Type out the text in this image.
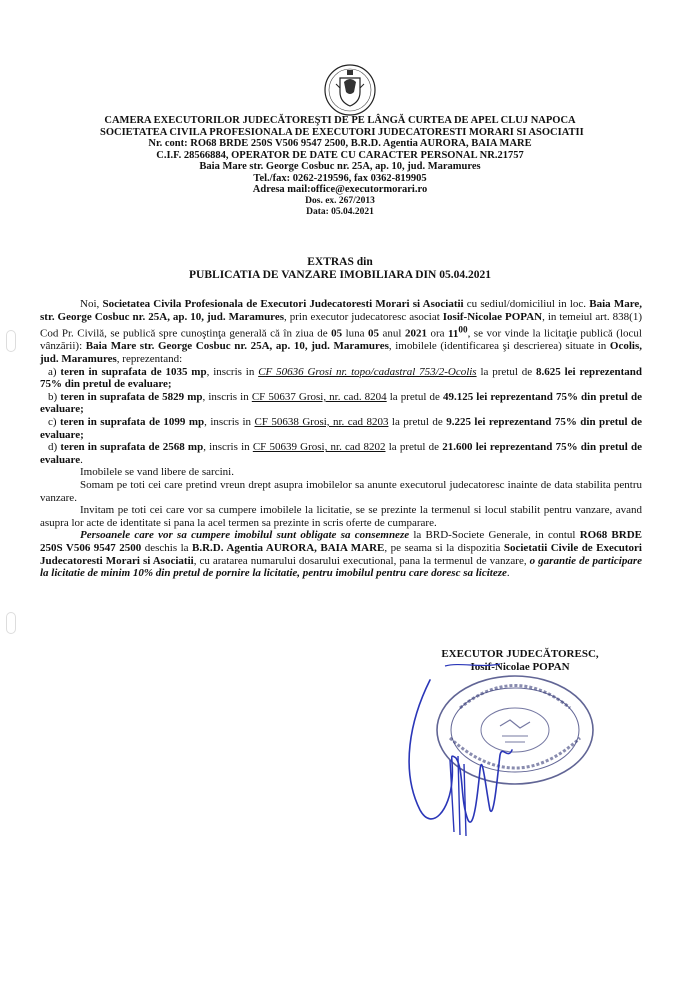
CAMERA EXECUTORILOR JUDECĂTOREŞTI DE PE LÂNGĂ CURTEA DE APEL CLUJ NAPOCA
SOCIETATEA CIVILA PROFESIONALA DE EXECUTORI JUDECATORESTI MORARI SI ASOCIATII
Nr. cont: RO68 BRDE 250S V506 9547 2500, B.R.D. Agentia AURORA, BAIA MARE
C.I.F. 28566884, OPERATOR DE DATE CU CARACTER PERSONAL NR.21757
Baia Mare str. George Cosbuc nr. 25A, ap. 10, jud. Maramures
Tel./fax: 0262-219596, fax 0362-819905
Adresa mail:office@executormorari.ro
Dos. ex. 267/2013
Data: 05.04.2021
EXTRAS din
PUBLICATIA DE VANZARE IMOBILIARA DIN 05.04.2021

Noi, Societatea Civila Profesionala de Executori Judecatoresti Morari si Asociatii cu sediul/domiciliul in loc. Baia Mare, str. George Cosbuc nr. 25A, ap. 10, jud. Maramures, prin executor judecatoresc asociat Iosif-Nicolae POPAN, in temeiul art. 838(1) Cod Pr. Civilă, se publică spre cunoştinţa generală că în ziua de 05 luna 05 anul 2021 ora $11^{00}$, se vor vinde la licitaţie publică (locul vânzării): Baia Mare str. George Cosbuc nr. 25A, ap. 10, jud. Maramures, imobilele (identificarea şi descrierea) situate in Ocolis, jud. Maramures, reprezentand:

a) teren in suprafata de 1035 mp, inscris in CF 50636 Grosi nr. topo/cadastral 753/2-Ocolis la pretul de 8.625 lei reprezentand 75% din pretul de evaluare;

b) teren in suprafata de 5829 mp, inscris in CF 50637 Grosi, nr. cad. 8204 la pretul de 49.125 lei reprezentand 75% din pretul de evaluare;

c) teren in suprafata de 1099 mp, inscris in CF 50638 Grosi, nr. cad 8203 la pretul de 9.225 lei reprezentand 75% din pretul de evaluare;

d) teren in suprafata de 2568 mp, inscris in CF 50639 Grosi, nr. cad 8202 la pretul de 21.600 lei reprezentand 75% din pretul de evaluare.

Imobilele se vand libere de sarcini.

Somam pe toti cei care pretind vreun drept asupra imobilelor sa anunte executorul judecatoresc inainte de data stabilita pentru vanzare.

Invitam pe toti cei care vor sa cumpere imobilele la licitatie, se se prezinte la termenul si locul stabilit pentru vanzare, avand asupra lor acte de identitate si pana la acel termen sa prezinte in scris oferte de cumparare.

Persoanele care vor sa cumpere imobilul sunt obligate sa consemneze la BRD-Societe Generale, in contul RO68 BRDE 250S V506 9547 2500 deschis la B.R.D. Agentia AURORA, BAIA MARE, pe seama si la dispozitia Societatii Civile de Executori Judecatoresti Morari si Asociatii, cu aratarea numarului dosarului executional, pana la termenul de vanzare, o garantie de participare la licitatie de minim 10% din pretul de pornire la licitatie, pentru imobilul pentru care doresc sa liciteze.

EXECUTOR JUDECĂTORESC,
Iosif-Nicolae POPAN
